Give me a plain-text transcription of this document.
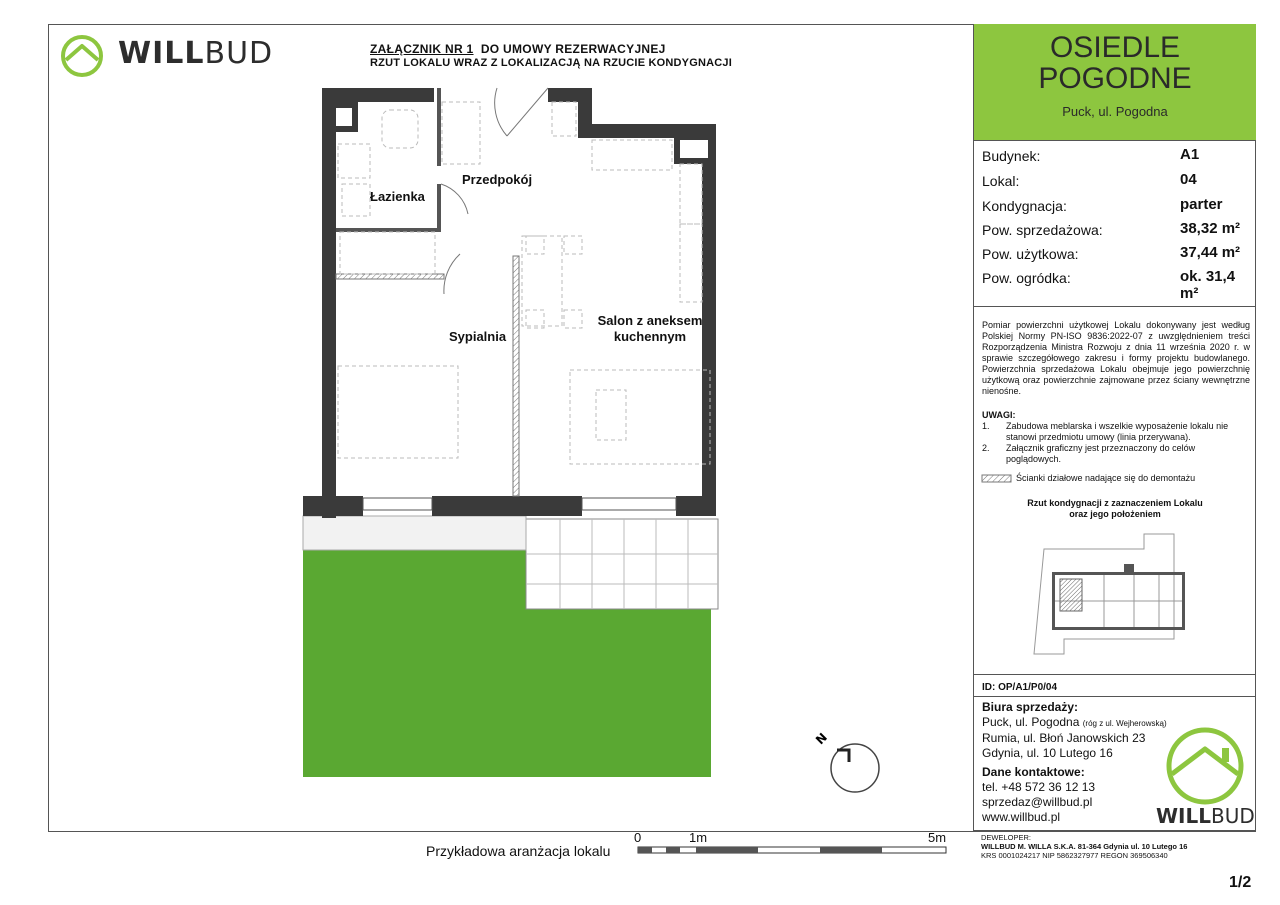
WILLBUD	ZAŁĄCZNIK NR 1 DO UMOWY REZERWACYJNEJ
RZUT LOKALU WRAZ Z LOKALIZACJĄ NA RZUCIE KONDYGNACJI
Łazienka
Przedpokój
Sypialnia
Salon z aneksem
kuchennym
N
Przykładowa aranżacja lokalu
0	1m	5m
OSIEDLE
POGODNE
Puck, ul. Pogodna
Budynek:	A1
Lokal:	04
Kondygnacja:	parter
Pow. sprzedażowa:	38,32 m²
Pow. użytkowa:	37,44 m²
Pow. ogródka:	ok. 31,4 m²
Pomiar powierzchni użytkowej Lokalu dokonywany jest według Polskiej Normy PN-ISO 9836:2022-07 z uwzględnieniem treści Rozporządzenia Ministra Rozwoju z dnia 11 września 2020 r. w sprawie szczegółowego zakresu i formy projektu budowlanego. Powierzchnia sprzedażowa Lokalu obejmuje jego powierzchnię użytkową oraz powierzchnie zajmowane przez ściany wewnętrzne nienośne.
UWAGI:
1.	Zabudowa meblarska i wszelkie wyposażenie lokalu nie stanowi przedmiotu umowy (linia przerywana).
2.	Załącznik graficzny jest przeznaczony do celów poglądowych.
Ścianki działowe nadające się do demontażu
Rzut kondygnacji z zaznaczeniem Lokalu
oraz jego położeniem
ID: OP/A1/P0/04
Biura sprzedaży:
Puck, ul. Pogodna (róg z ul. Wejherowską)
Rumia, ul. Błoń Janowskich 23
Gdynia, ul. 10 Lutego 16
Dane kontaktowe:
tel. +48 572 36 12 13
sprzedaz@willbud.pl
www.willbud.pl	WILLBUD
DEWELOPER:
WILLBUD M. WILLA S.K.A. 81-364 Gdynia ul. 10 Lutego 16
KRS 0001024217 NIP 5862327977 REGON 369506340
1/2
